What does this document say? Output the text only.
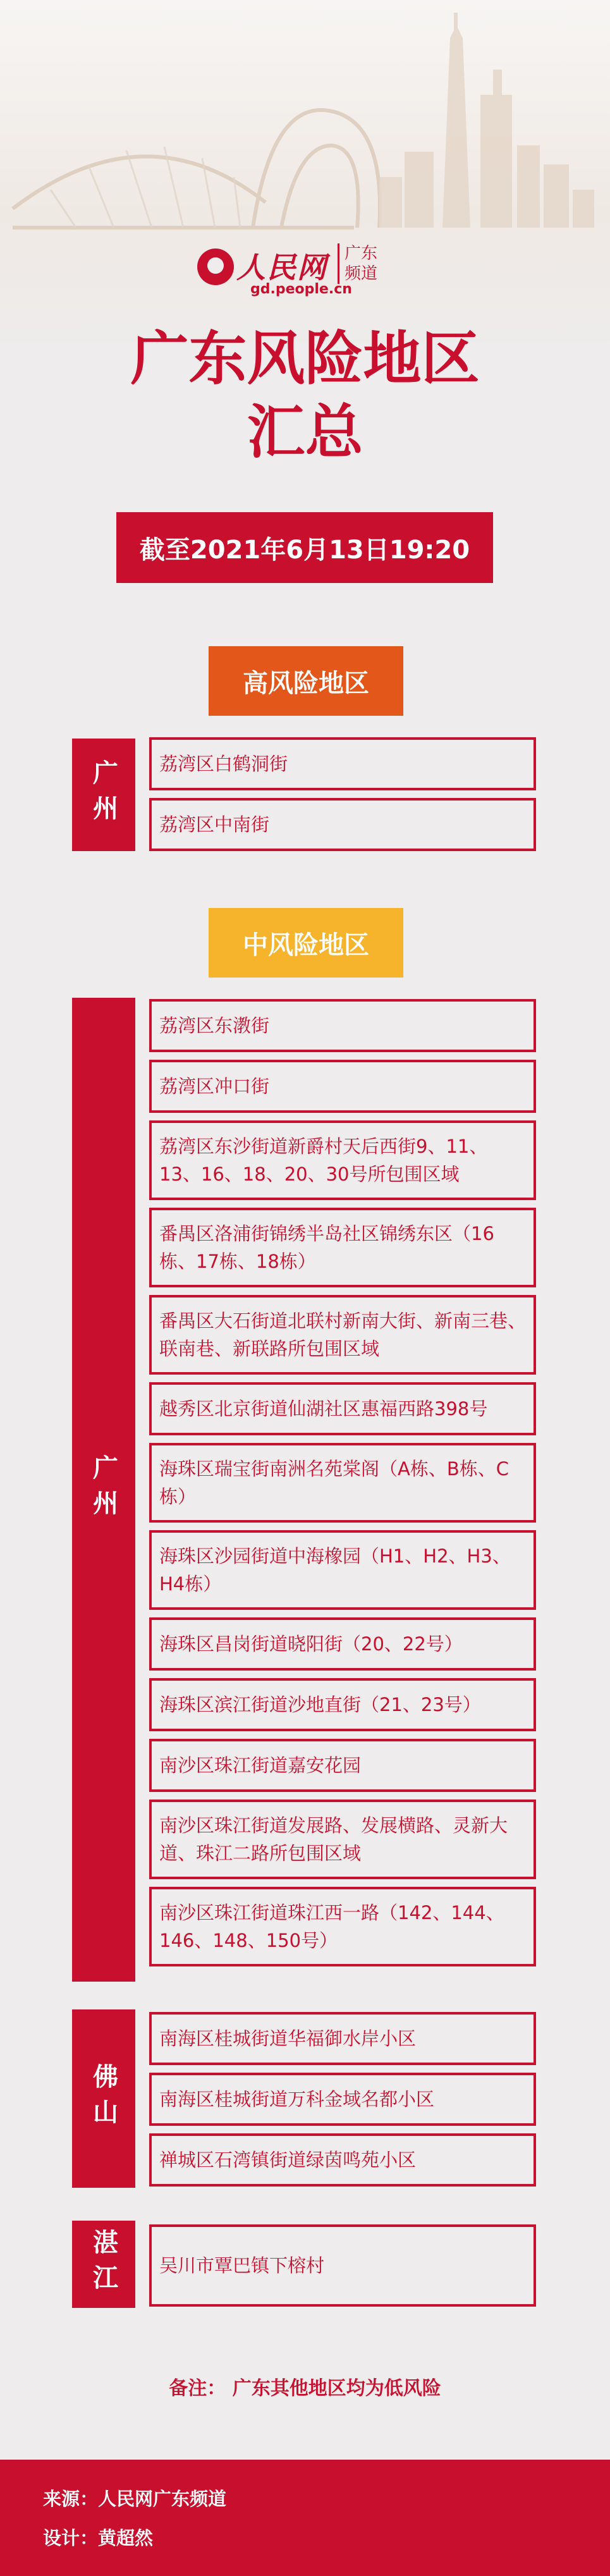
人民网	广东频道
gd.people.cn
广东风险地区
汇总
截至2021年6月13日19:20
高风险地区
广州	荔湾区白鹤洞街
荔湾区中南街
中风险地区
广州
荔湾区东漖街
荔湾区冲口街
荔湾区东沙街道新爵村天后西街9、11、13、16、18、20、30号所包围区域
番禺区洛浦街锦绣半岛社区锦绣东区（16栋、17栋、18栋）
番禺区大石街道北联村新南大街、新南三巷、联南巷、新联路所包围区域
越秀区北京街道仙湖社区惠福西路398号
海珠区瑞宝街南洲名苑棠阁（A栋、B栋、C栋）
海珠区沙园街道中海橡园（H1、H2、H3、H4栋）
海珠区昌岗街道晓阳街（20、22号）
海珠区滨江街道沙地直街（21、23号）
南沙区珠江街道嘉安花园
南沙区珠江街道发展路、发展横路、灵新大道、珠江二路所包围区域
南沙区珠江街道珠江西一路（142、144、146、148、150号）
佛山
南海区桂城街道华福御水岸小区
南海区桂城街道万科金域名都小区
禅城区石湾镇街道绿茵鸣苑小区
湛江	吴川市覃巴镇下榕村
备注： 广东其他地区均为低风险
来源：人民网广东频道
设计：黄超然
